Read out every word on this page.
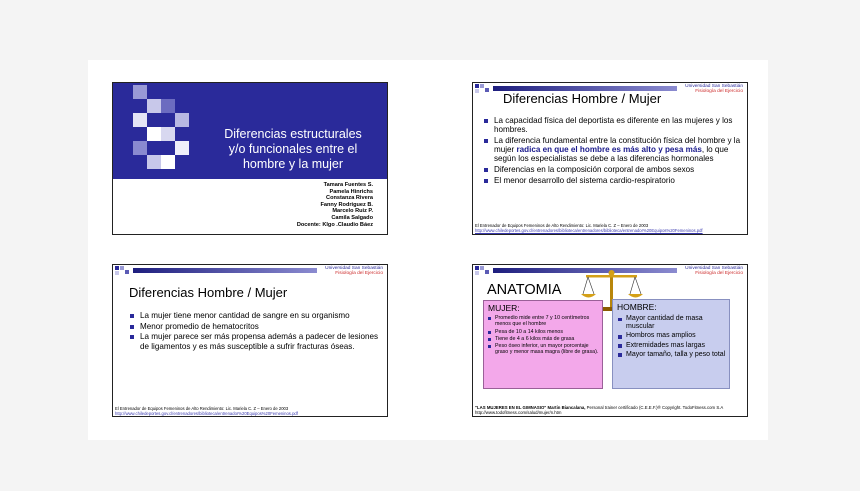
Diferencias estructurales
y/o funcionales entre el
hombre y la mujer
Tamara Fuentes S.
Pamela Hinrichs
Constanza Rivera
Fanny Rodriguez B.
Marcelo Ruiz P.
Camila Salgado
Docente: Klgo .Claudio Báez
Universidad San Sebastián
Fisiología del Ejercicio
Diferencias Hombre / Mujer
La capacidad física del deportista es diferente en las mujeres y los hombres.
La diferencia fundamental entre la constitución física del hombre y la mujer radica en que el hombre es más alto y pesa más, lo que según los especialistas se debe a las diferencias hormonales
Diferencias en la composición corporal de ambos sexos
El menor desarrollo del sistema cardio-respiratorio
El Entrenador de Equipos Femeninos de Alto Rendimiento: Lic. Mariela C. Z – Enero de 2003
http://www.chiledeportes.gov.cl/entrenadores/biblioteca/entrenadores/biblioteca/entrenador%20Equipos%20Femeninos.pdf
Universidad San Sebastián
Fisiología del Ejercicio
Diferencias Hombre / Mujer
La mujer tiene menor cantidad de sangre en su organismo
Menor promedio de hematocritos
La mujer parece ser más propensa además a padecer de lesiones de ligamentos y es más susceptible a sufrir fracturas óseas.
El Entrenador de Equipos Femeninos de Alto Rendimiento: Lic. Mariela C. Z – Enero de 2003
http://www.chiledeportes.gov.cl/entrenadores/biblioteca/entrenador%20Equipos%20Femeninos.pdf
Universidad San Sebastián
Fisiología del Ejercicio
ANATOMIA
MUJER:
Promedio mide entre 7 y 10 centímetros menos que el hombre
Pesa de 10 a 14 kilos menos
Tiene de 4 a 6 kilos más de grasa
Peso óseo inferior, un mayor porcentaje graso y menor masa magra (libre de grasa).
HOMBRE:
Mayor cantidad de masa muscular
Hombros mas amplios
Extremidades mas largas
Mayor tamaño, talla y peso total
"LAS MUJERES EN EL GIMNASIO" Martin Biancalana, Personal trainer certificado (C.E.E.F.)® Copyright. TodoFitness.com S.A http://www.todofitness.com/salud/mujer/n.htm
